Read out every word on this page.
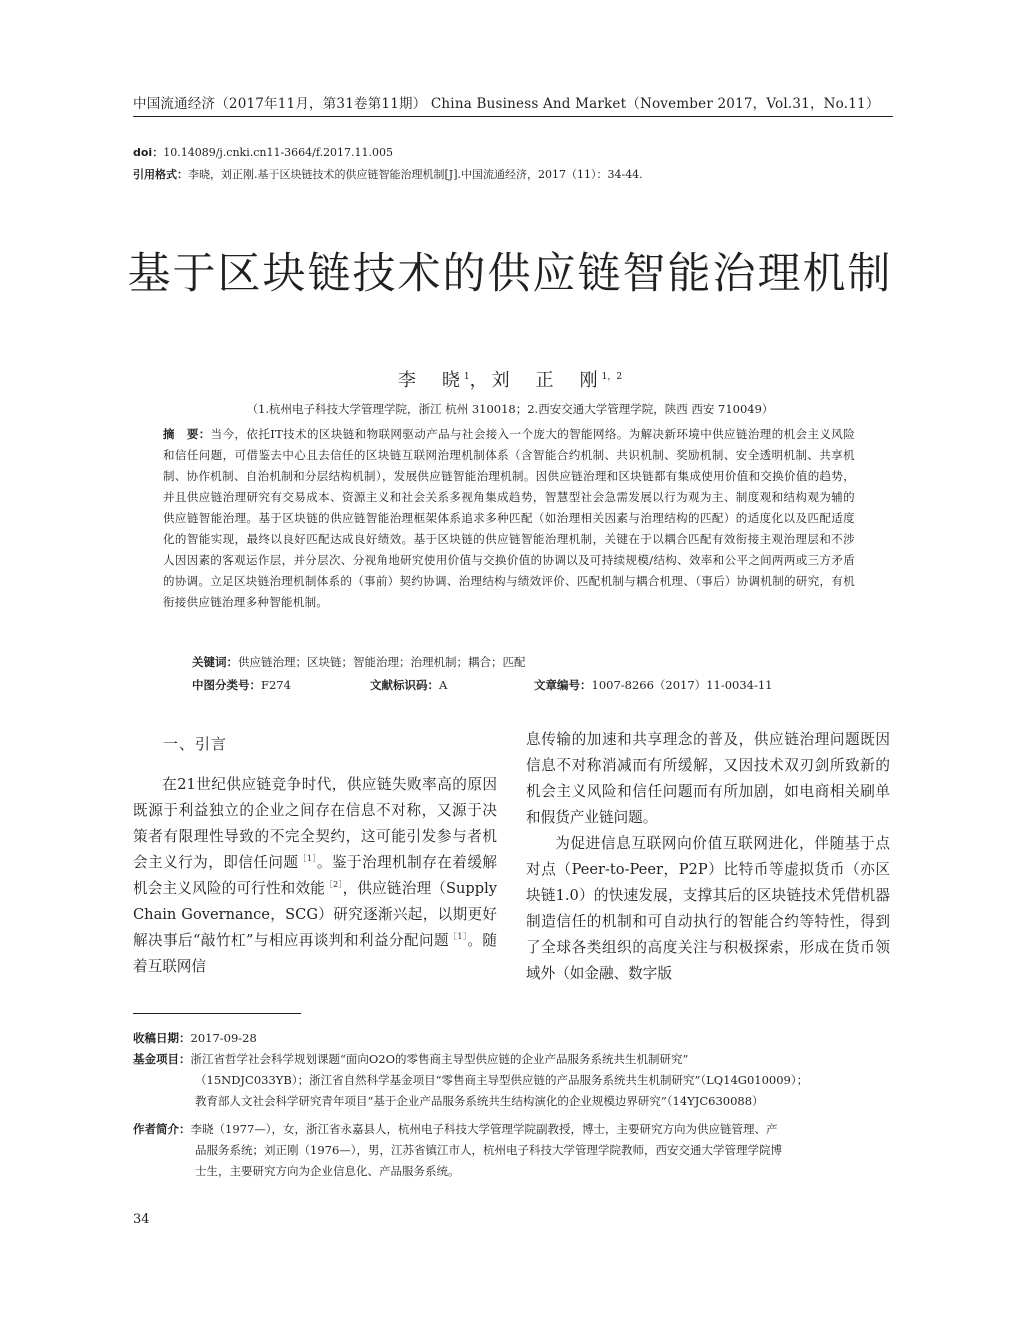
中国流通经济（2017年11月，第31卷第11期） China Business And Market（November 2017，Vol.31，No.11）
doi：10.14089/j.cnki.cn11-3664/f.2017.11.005
引用格式：李晓，刘正刚.基于区块链技术的供应链智能治理机制[J].中国流通经济，2017（11）：34-44.
基于区块链技术的供应链智能治理机制
李　晓$^1$，刘　正　刚$^{1,2}$
（1.杭州电子科技大学管理学院，浙江 杭州 310018；2.西安交通大学管理学院，陕西 西安 710049）
摘　要：当今，依托IT技术的区块链和物联网驱动产品与社会接入一个庞大的智能网络。为解决新环境中供应链治理的机会主义风险和信任问题，可借鉴去中心且去信任的区块链互联网治理机制体系（含智能合约机制、共识机制、奖励机制、安全透明机制、共享机制、协作机制、自治机制和分层结构机制），发展供应链智能治理机制。因供应链治理和区块链都有集成使用价值和交换价值的趋势，并且供应链治理研究有交易成本、资源主义和社会关系多视角集成趋势，智慧型社会急需发展以行为观为主、制度观和结构观为辅的供应链智能治理。基于区块链的供应链智能治理框架体系追求多种匹配（如治理相关因素与治理结构的匹配）的适度化以及匹配适度化的智能实现，最终以良好匹配达成良好绩效。基于区块链的供应链智能治理机制，关键在于以耦合匹配有效衔接主观治理层和不涉人因因素的客观运作层，并分层次、分视角地研究使用价值与交换价值的协调以及可持续规模/结构、效率和公平之间两两或三方矛盾的协调。立足区块链治理机制体系的（事前）契约协调、治理结构与绩效评价、匹配机制与耦合机理、（事后）协调机制的研究，有机衔接供应链治理多种智能机制。
关键词：供应链治理；区块链；智能治理；治理机制；耦合；匹配
中图分类号：F274	文献标识码：A	文章编号：1007-8266（2017）11-0034-11
一、引言

在21世纪供应链竞争时代，供应链失败率高的原因既源于利益独立的企业之间存在信息不对称，又源于决策者有限理性导致的不完全契约，这可能引发参与者机会主义行为，即信任问题$^{[1]}$。鉴于治理机制存在着缓解机会主义风险的可行性和效能$^{[2]}$，供应链治理（Supply Chain Governance，SCG）研究逐渐兴起，以期更好解决事后“敲竹杠”与相应再谈判和利益分配问题$^{[1]}$。随着互联网信

息传输的加速和共享理念的普及，供应链治理问题既因信息不对称消减而有所缓解，又因技术双刃剑所致新的机会主义风险和信任问题而有所加剧，如电商相关刷单和假货产业链问题。

为促进信息互联网向价值互联网进化，伴随基于点对点（Peer-to-Peer，P2P）比特币等虚拟货币（亦区块链1.0）的快速发展，支撑其后的区块链技术凭借机器制造信任的机制和可自动执行的智能合约等特性，得到了全球各类组织的高度关注与积极探索，形成在货币领域外（如金融、数字版

收稿日期：2017-09-28
基金项目：浙江省哲学社会科学规划课题“面向O2O的零售商主导型供应链的企业产品服务系统共生机制研究”
（15NDJC033YB）；浙江省自然科学基金项目“零售商主导型供应链的产品服务系统共生机制研究”（LQ14G010009）；
教育部人文社会科学研究青年项目“基于企业产品服务系统共生结构演化的企业规模边界研究”（14YJC630088）
作者简介：李晓（1977—），女，浙江省永嘉县人，杭州电子科技大学管理学院副教授，博士，主要研究方向为供应链管理、产
品服务系统；刘正刚（1976—），男，江苏省镇江市人，杭州电子科技大学管理学院教师，西安交通大学管理学院博
士生，主要研究方向为企业信息化、产品服务系统。
34
